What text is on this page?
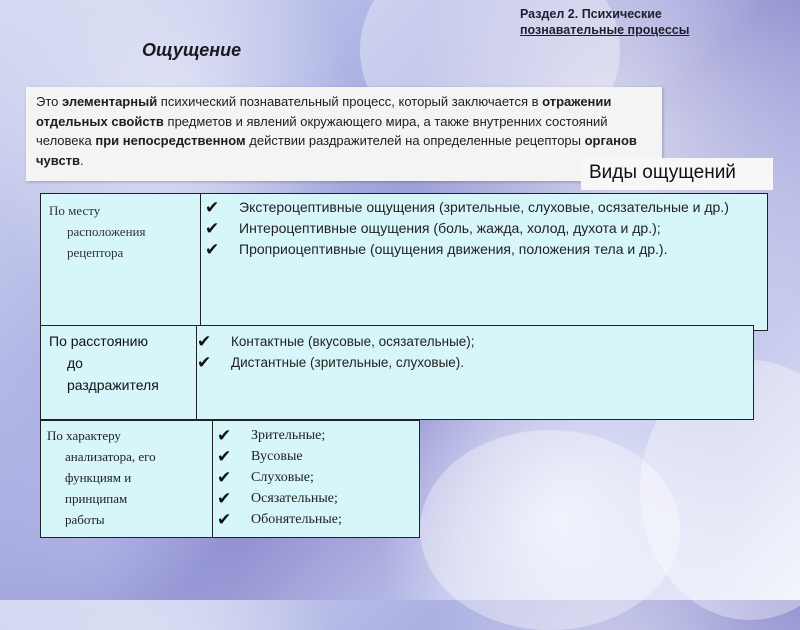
Раздел 2. Психические
познавательные процессы
Ощущение
Это элементарный психический познавательный процесс, который заключается в отражении отдельных свойств предметов и явлений окружающего мира, а также внутренних состояний человека при непосредственном действии раздражителей на определенные рецепторы органов чувств.
Виды ощущений
По месту
расположения
рецептора
✔ Экстероцептивные ощущения (зрительные, слуховые, осязательные и др.)
✔ Интероцептивные ощущения (боль, жажда, холод, духота и др.);
✔ Проприоцептивные (ощущения движения, положения тела и др.).
По расстоянию
до
раздражителя
✔ Контактные (вкусовые, осязательные);
✔ Дистантные (зрительные, слуховые).
По характеру
анализатора, его
функциям и
принципам
работы
✔ Зрительные;
✔ Вусовые
✔ Слуховые;
✔ Осязательные;
✔ Обонятельные;
